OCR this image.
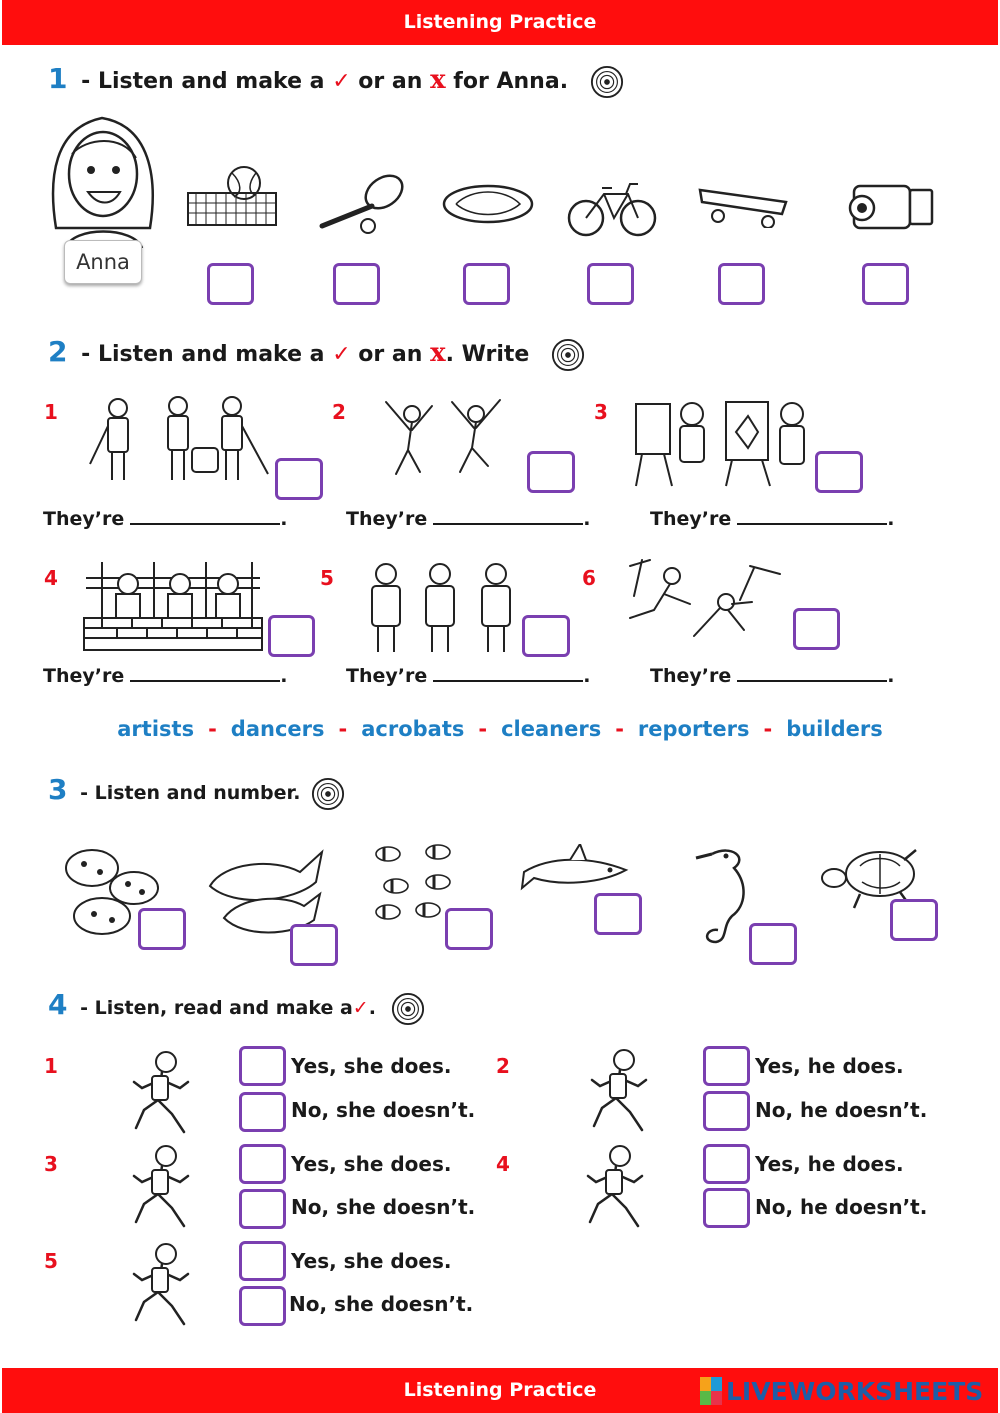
Listening Practice
1 - Listen and make a ✓ or an x for Anna.
Anna
2 - Listen and make a ✓ or an x. Write
1	2	3
They’re	.	They’re	.	They’re	.
4	5	6
They’re	.	They’re	.	They’re	.
artists - dancers - acrobats - cleaners - reporters - builders
3 - Listen and number.
4 - Listen, read and make a✓.
1	Yes, she does.
No, she doesn’t.
2	Yes, he does.
No, he doesn’t.
3	Yes, she does.
No, she doesn’t.
4	Yes, he does.
No, he doesn’t.
5	Yes, she does.
No, she doesn’t.
Listening Practice	LIVEWORKSHEETS
